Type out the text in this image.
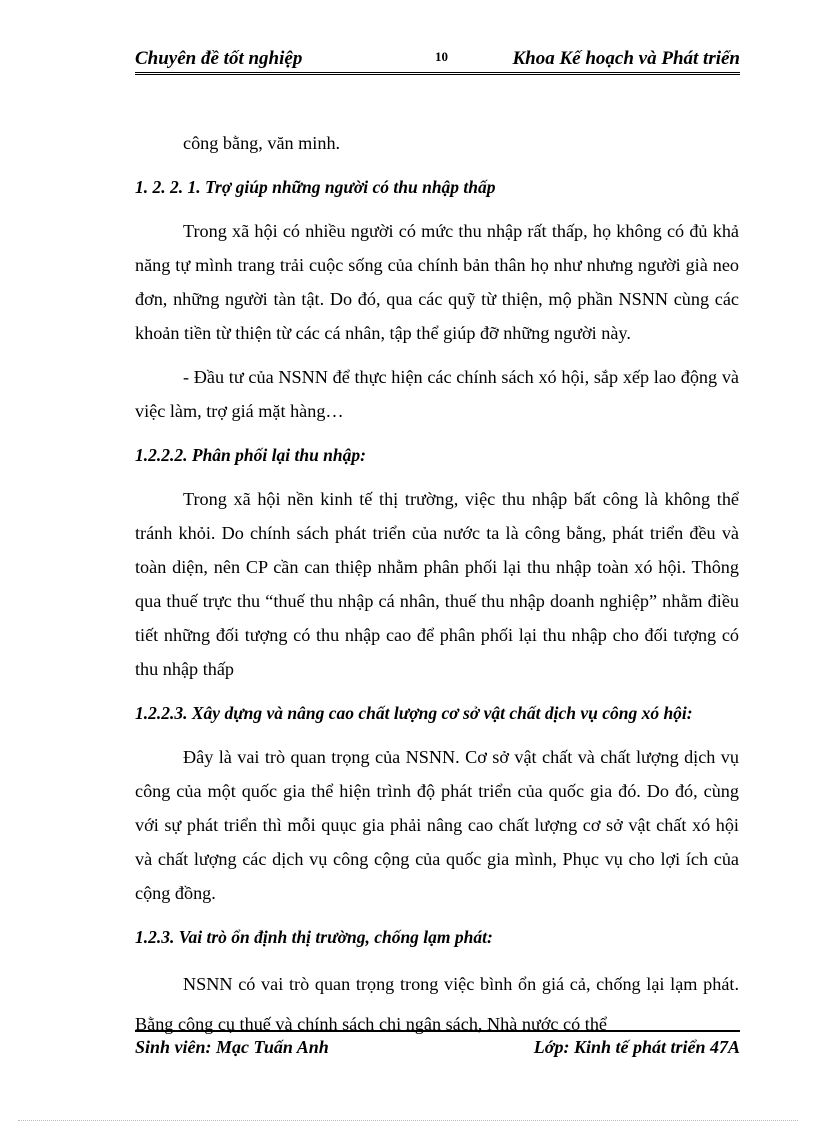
Chuyên đề tốt nghiệp	10	Khoa Kế hoạch và Phát triển

công bằng, văn minh.

1. 2. 2. 1. Trợ giúp những người có thu nhập thấp

Trong xã hội có nhiều người có mức thu nhập rất thấp, họ không có đủ khả năng tự mình trang trải cuộc sống của chính bản thân họ như nhưng người già neo đơn, những người tàn tật. Do đó, qua các quỹ từ thiện, mộ phần NSNN cùng các khoản tiền từ thiện từ các cá nhân, tập thể giúp đỡ những người này.

- Đầu tư của NSNN để thực hiện các chính sách xó hội, sắp xếp lao động và việc làm, trợ giá mặt hàng…

1.2.2.2. Phân phối lại thu nhập:

Trong xã hội nền kinh tế thị trường, việc thu nhập bất công là không thể tránh khỏi. Do chính sách phát triển của nước ta là công bằng, phát triển đều và toàn diện, nên CP cần can thiệp nhằm phân phối lại thu nhập toàn xó hội. Thông qua thuế trực thu “thuế thu nhập cá nhân, thuế thu nhập doanh nghiệp” nhằm điều tiết những đối tượng có thu nhập cao để phân phối lại thu nhập cho đối tượng có thu nhập thấp

1.2.2.3. Xây dựng và nâng cao chất lượng cơ sở vật chất dịch vụ công xó hội:

Đây là vai trò quan trọng của NSNN. Cơ sở vật chất và chất lượng dịch vụ công của một quốc gia thể hiện trình độ phát triển của quốc gia đó. Do đó, cùng với sự phát triển thì mỗi quục gia phải nâng cao chất lượng cơ sở vật chất xó hội và chất lượng các dịch vụ công cộng của quốc gia mình, Phục vụ cho lợi ích của cộng đồng.

1.2.3. Vai trò ổn định thị trường, chống lạm phát:

NSNN có vai trò quan trọng trong việc bình ổn giá cả, chống lại lạm phát. Bằng công cụ thuế và chính sách chi ngân sách, Nhà nước có thể

Sinh viên: Mạc Tuấn Anh	Lớp: Kinh tế phát triển 47A
